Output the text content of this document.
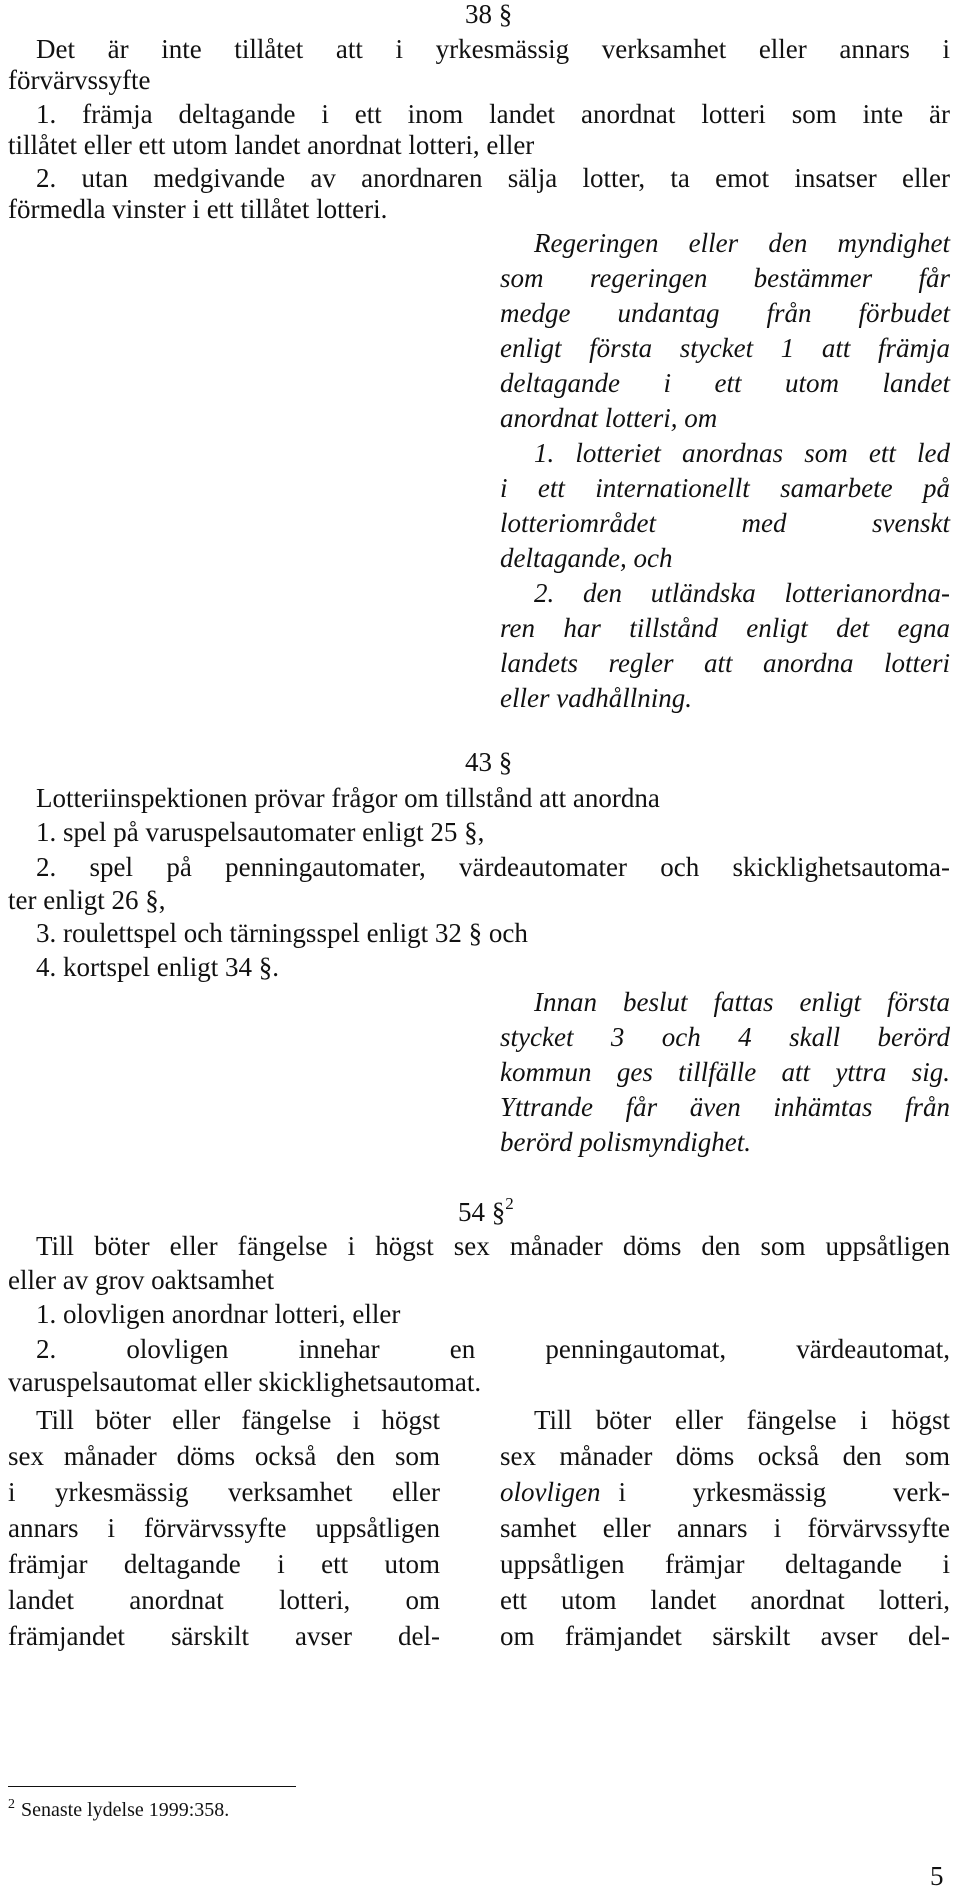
38 §
Det är inte tillåtet att i yrkesmässig verksamhet eller annars i
förvärvssyfte
1. främja deltagande i ett inom landet anordnat lotteri som inte är
tillåtet eller ett utom landet anordnat lotteri, eller
2. utan medgivande av anordnaren sälja lotter, ta emot insatser eller
förmedla vinster i ett tillåtet lotteri.
Regeringen eller den myndighet
som regeringen bestämmer får
medge undantag från förbudet
enligt första stycket 1 att främja
deltagande i ett utom landet
anordnat lotteri, om
1. lotteriet anordnas som ett led
i ett internationellt samarbete på
lotteriområdet med svenskt
deltagande, och
2. den utländska lotterianordna-
ren har tillstånd enligt det egna
landets regler att anordna lotteri
eller vadhållning.
43 §
Lotteriinspektionen prövar frågor om tillstånd att anordna
1. spel på varuspelsautomater enligt 25 §,
2. spel på penningautomater, värdeautomater och skicklighetsautoma-
ter enligt 26 §,
3. roulettspel och tärningsspel enligt 32 § och
4. kortspel enligt 34 §.
Innan beslut fattas enligt första
stycket 3 och 4 skall berörd
kommun ges tillfälle att yttra sig.
Yttrande får även inhämtas från
berörd polismyndighet.
54 §$^2$
Till böter eller fängelse i högst sex månader döms den som uppsåtligen
eller av grov oaktsamhet
1. olovligen anordnar lotteri, eller
2. olovligen innehar en penningautomat, värdeautomat,
varuspelsautomat eller skicklighetsautomat.
Till böter eller fängelse i högst
sex månader döms också den som
i yrkesmässig verksamhet eller
annars i förvärvssyfte uppsåtligen
främjar deltagande i ett utom
landet anordnat lotteri, om
främjandet särskilt avser del-
Till böter eller fängelse i högst
sex månader döms också den som
olovligen i yrkesmässig verk-
samhet eller annars i förvärvssyfte
uppsåtligen främjar deltagande i
ett utom landet anordnat lotteri,
om främjandet särskilt avser del-
$^2$ Senaste lydelse 1999:358.
5
